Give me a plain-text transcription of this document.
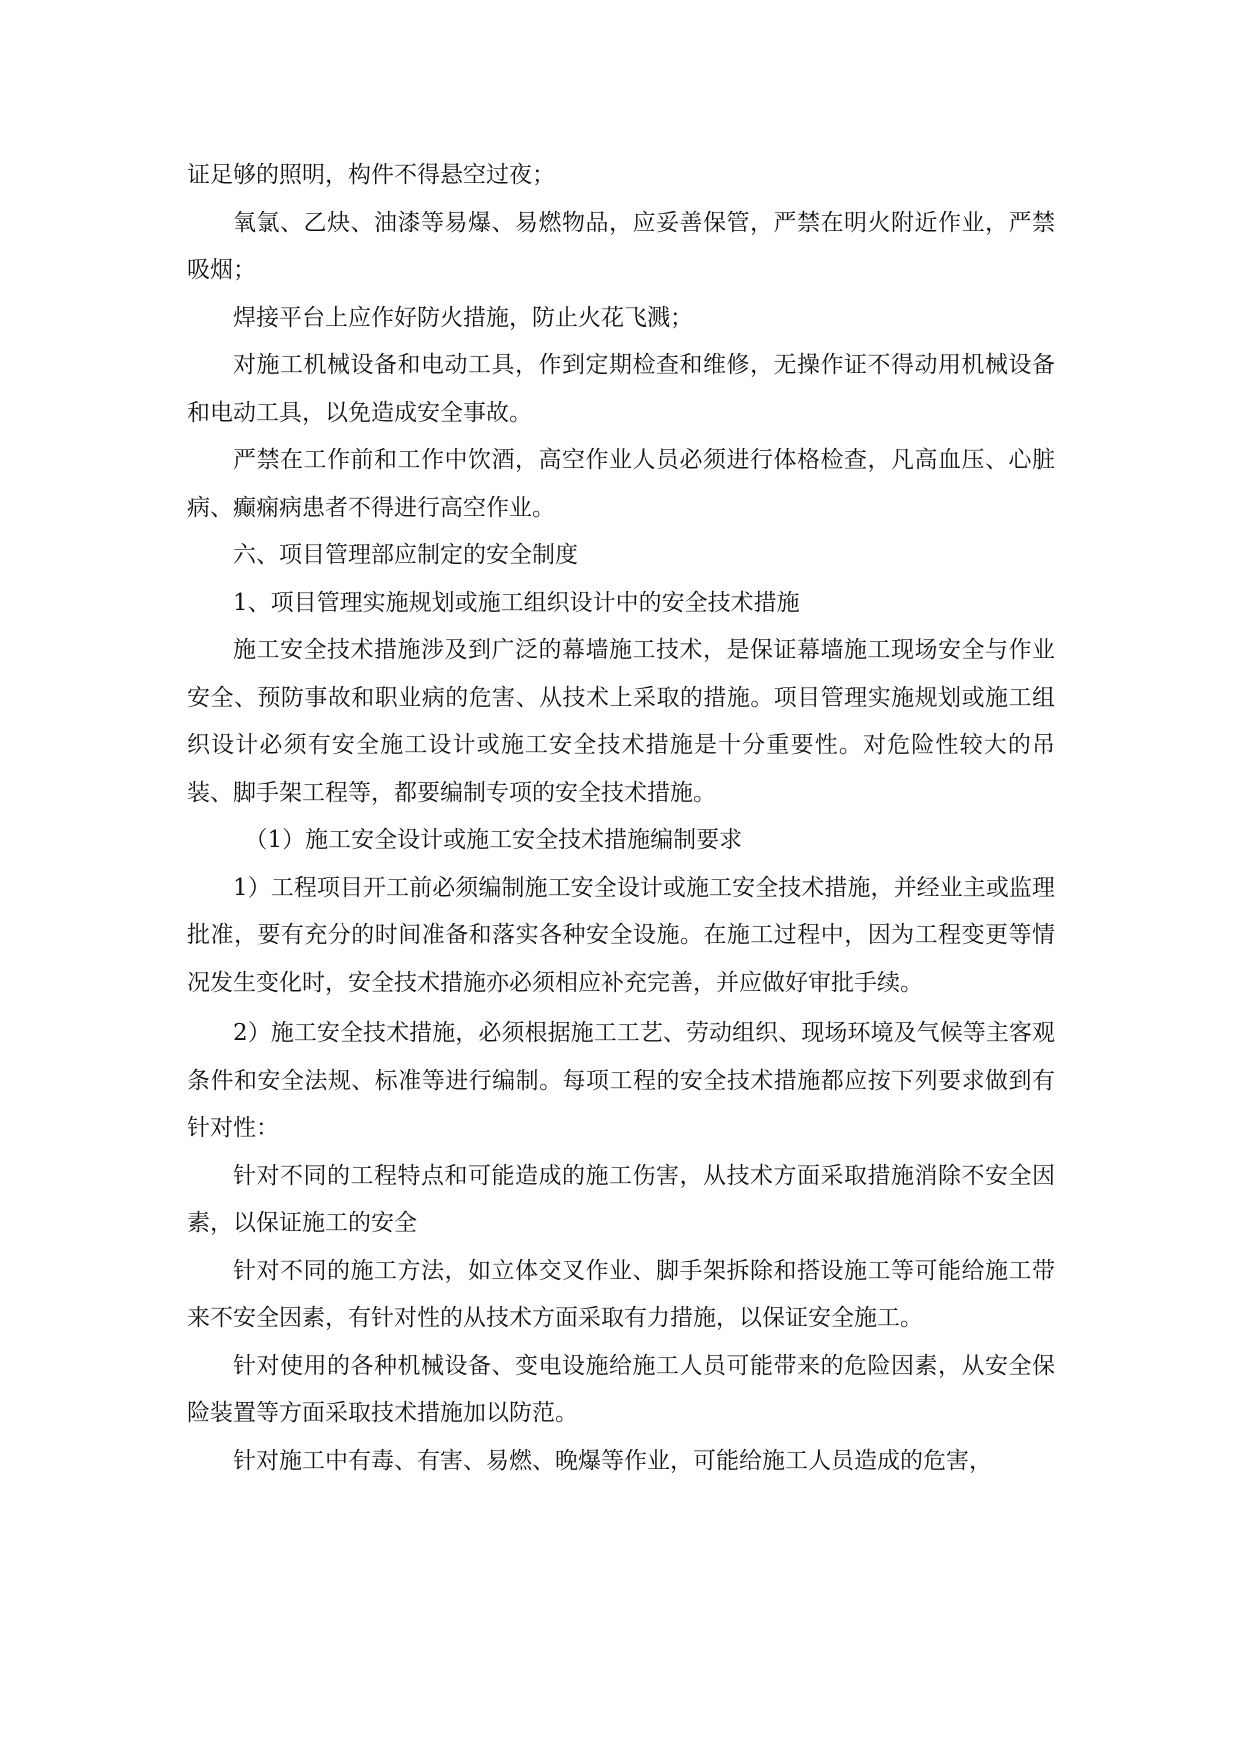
证足够的照明，构件不得悬空过夜；

氧氯、乙炔、油漆等易爆、易燃物品，应妥善保管，严禁在明火附近作业，严禁吸烟；

焊接平台上应作好防火措施，防止火花飞溅；

对施工机械设备和电动工具，作到定期检查和维修，无操作证不得动用机械设备和电动工具，以免造成安全事故。

严禁在工作前和工作中饮酒，高空作业人员必须进行体格检查，凡高血压、心脏病、癫痫病患者不得进行高空作业。

六、项目管理部应制定的安全制度

1、项目管理实施规划或施工组织设计中的安全技术措施

施工安全技术措施涉及到广泛的幕墙施工技术，是保证幕墙施工现场安全与作业安全、预防事故和职业病的危害、从技术上采取的措施。项目管理实施规划或施工组织设计必须有安全施工设计或施工安全技术措施是十分重要性。对危险性较大的吊装、脚手架工程等，都要编制专项的安全技术措施。

（1）施工安全设计或施工安全技术措施编制要求

1）工程项目开工前必须编制施工安全设计或施工安全技术措施，并经业主或监理批准，要有充分的时间准备和落实各种安全设施。在施工过程中，因为工程变更等情况发生变化时，安全技术措施亦必须相应补充完善，并应做好审批手续。

2）施工安全技术措施，必须根据施工工艺、劳动组织、现场环境及气候等主客观条件和安全法规、标准等进行编制。每项工程的安全技术措施都应按下列要求做到有针对性：

针对不同的工程特点和可能造成的施工伤害，从技术方面采取措施消除不安全因素，以保证施工的安全

针对不同的施工方法，如立体交叉作业、脚手架拆除和搭设施工等可能给施工带来不安全因素，有针对性的从技术方面采取有力措施，以保证安全施工。

针对使用的各种机械设备、变电设施给施工人员可能带来的危险因素，从安全保险装置等方面采取技术措施加以防范。

针对施工中有毒、有害、易燃、晚爆等作业，可能给施工人员造成的危害，
